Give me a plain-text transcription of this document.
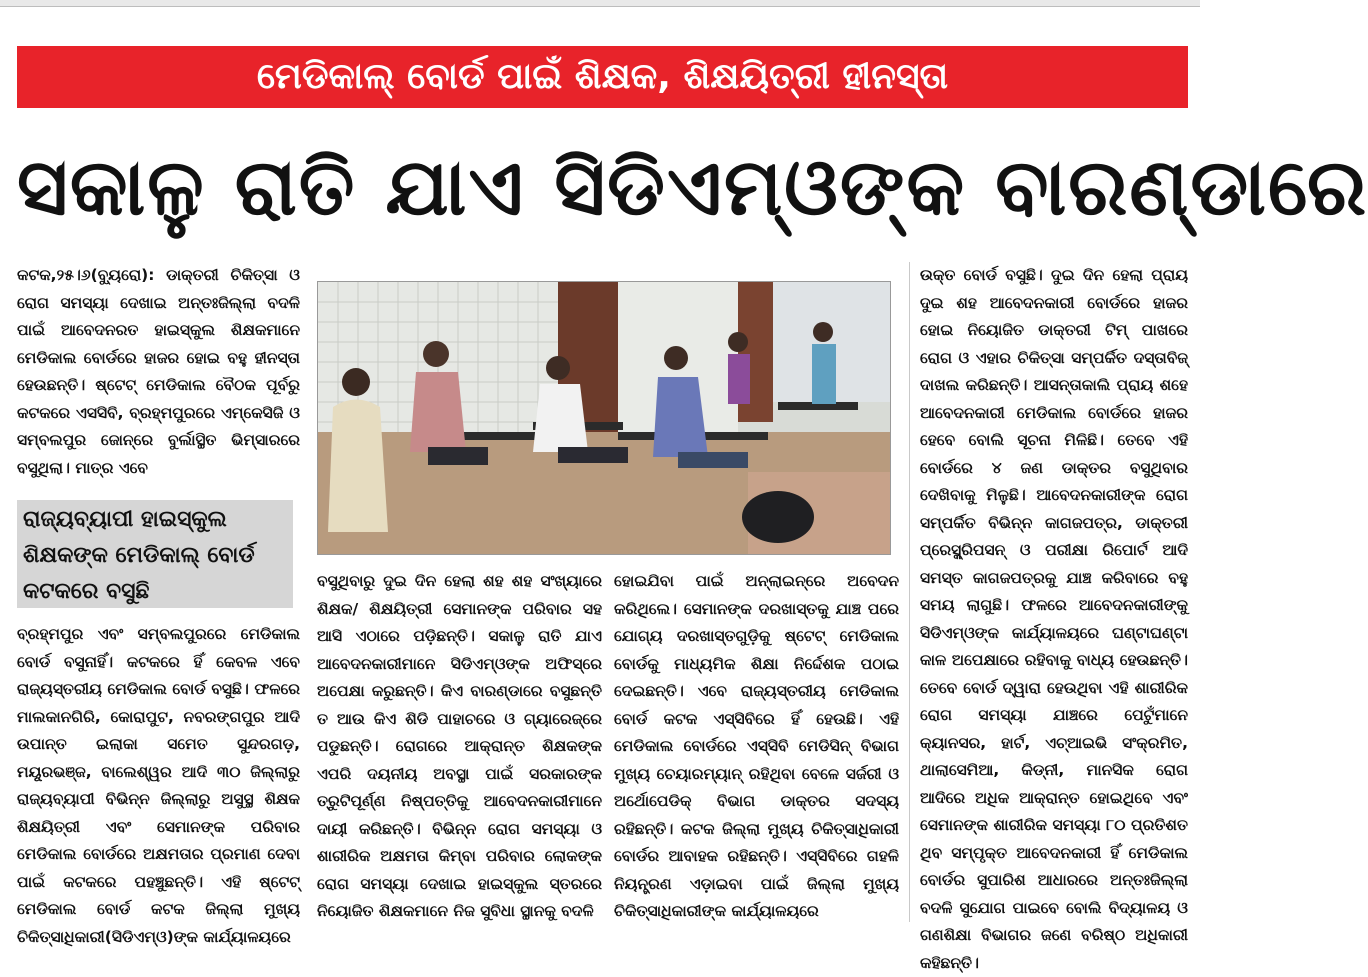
ମେଡିକାଲ୍ ବୋର୍ଡ ପାଇଁ ଶିକ୍ଷକ, ଶିକ୍ଷୟିତ୍ରୀ ହୀନସ୍ତା
ସକାଳୁ ରାତି ଯାଏ ସିଡିଏମ୍‌ଓଙ୍କ ବାରଣ୍ଡାରେ

କଟକ,୨୫।୬(ବ୍ୟୁରୋ): ଡାକ୍ତରୀ ଚିକିତ୍ସା ଓ ରୋଗ ସମସ୍ୟା ଦେଖାଇ ଅନ୍ତଃଜିଲ୍ଲା ବଦଳି ପାଇଁ ଆବେଦନରତ ହାଇସ୍କୁଲ ଶିକ୍ଷକମାନେ ମେଡିକାଲ ବୋର୍ଡରେ ହାଜର ହୋଇ ବହୁ ହୀନସ୍ତା ହେଉଛନ୍ତି। ଷ୍ଟେଟ୍ ମେଡିକାଲ ବୈଠକ ପୂର୍ବରୁ କଟକରେ ଏସସିବି, ବ୍ରହ୍ମପୁରରେ ଏମ୍‌କେସିଜି ଓ ସମ୍ବଲପୁର ଜୋନ୍‌ରେ ବୁର୍ଲାସ୍ଥିତ ଭିମ୍‌ସାରରେ ବସୁଥିଲା। ମାତ୍ର ଏବେ

ରାଜ୍ୟବ୍ୟାପୀ ହାଇସ୍କୁଲ ଶିକ୍ଷକଙ୍କ ମେଡିକାଲ୍ ବୋର୍ଡ କଟକରେ ବସୁଛି

ବ୍ରହ୍ମପୁର ଏବଂ ସମ୍ବଲପୁରରେ ମେଡିକାଲ ବୋର୍ଡ ବସୁନାହିଁ। କଟକରେ ହିଁ କେବଳ ଏବେ ରାଜ୍ୟସ୍ତରୀୟ ମେଡିକାଲ ବୋର୍ଡ ବସୁଛି। ଫଳରେ ମାଲକାନଗିରି, କୋରାପୁଟ, ନବରଙ୍ଗପୁର ଆଦି ଉପାନ୍ତ ଇଲାକା ସମେତ ସୁନ୍ଦରଗଡ଼, ମୟୂରଭଞ୍ଜ, ବାଲେଶ୍ୱର ଆଦି ୩୦ ଜିଲ୍ଲାରୁ ରାଜ୍ୟବ୍ୟାପୀ ବିଭିନ୍ନ ଜିଲ୍ଲାରୁ ଅସୁସ୍ଥ ଶିକ୍ଷକ ଶିକ୍ଷୟିତ୍ରୀ ଏବଂ ସେମାନଙ୍କ ପରିବାର ମେଡିକାଲ ବୋର୍ଡରେ ଅକ୍ଷମତାର ପ୍ରମାଣ ଦେବା ପାଇଁ କଟକରେ ପହଞ୍ଚୁଛନ୍ତି। ଏହି ଷ୍ଟେଟ୍ ମେଡିକାଲ ବୋର୍ଡ କଟକ ଜିଲ୍ଲା ମୁଖ୍ୟ ଚିକିତ୍ସାଧିକାରୀ(ସିଡିଏମ୍‌ଓ)ଙ୍କ କାର୍ଯ୍ୟାଳୟରେ

ବସୁଥିବାରୁ ଦୁଇ ଦିନ ହେଲା ଶହ ଶହ ସଂଖ୍ୟାରେ ଶିକ୍ଷକ/ ଶିକ୍ଷୟିତ୍ରୀ ସେମାନଙ୍କ ପରିବାର ସହ ଆସି ଏଠାରେ ପଡ଼ିଛନ୍ତି। ସକାଳୁ ରାତି ଯାଏ ଆବେଦନକାରୀମାନେ ସିଡିଏମ୍‌ଓଙ୍କ ଅଫିସ୍‌ରେ ଅପେକ୍ଷା କରୁଛନ୍ତି। କିଏ ବାରଣ୍ଡାରେ ବସୁଛନ୍ତି ତ ଆଉ କିଏ ଶିଡି ପାହାଚରେ ଓ ଗ୍ୟାରେଜ୍‌ରେ ପଡୁଛନ୍ତି। ରୋଗରେ ଆକ୍ରାନ୍ତ ଶିକ୍ଷକଙ୍କ ଏପରି ଦୟନୀୟ ଅବସ୍ଥା ପାଇଁ ସରକାରଙ୍କ ତ୍ରୁଟିପୂର୍ଣ୍ଣ ନିଷ୍ପତ୍ତିକୁ ଆବେଦନକାରୀମାନେ ଦାୟୀ କରିଛନ୍ତି। ବିଭିନ୍ନ ରୋଗ ସମସ୍ୟା ଓ ଶାରୀରିକ ଅକ୍ଷମତା କିମ୍ବା ପରିବାର ଲୋକଙ୍କ ରୋଗ ସମସ୍ୟା ଦେଖାଇ ହାଇସ୍କୁଲ ସ୍ତରରେ ନିୟୋଜିତ ଶିକ୍ଷକମାନେ ନିଜ ସୁବିଧା ସ୍ଥାନକୁ ବଦଳି

ହୋଇଯିବା ପାଇଁ ଅନ୍‌ଲାଇନ୍‌ରେ ଅବେଦନ କରିଥିଲେ। ସେମାନଙ୍କ ଦରଖାସ୍ତକୁ ଯାଞ୍ଚ ପରେ ଯୋଗ୍ୟ ଦରଖାସ୍ତଗୁଡ଼ିକୁ ଷ୍ଟେଟ୍ ମେଡିକାଲ ବୋର୍ଡକୁ ମାଧ୍ୟମିକ ଶିକ୍ଷା ନିର୍ଦ୍ଦେଶକ ପଠାଇ ଦେଇଛନ୍ତି। ଏବେ ରାଜ୍ୟସ୍ତରୀୟ ମେଡିକାଲ ବୋର୍ଡ କଟକ ଏସ୍‌ସିବିରେ ହିଁ ହେଉଛି। ଏହି ମେଡିକାଲ ବୋର୍ଡରେ ଏସ୍‌ସିବି ମେଡିସିନ୍ ବିଭାଗ ମୁଖ୍ୟ ଚେୟାରମ୍ୟାନ୍ ରହିଥିବା ବେଳେ ସର୍ଜରୀ ଓ ଅର୍ଥୋପେଡିକ୍ ବିଭାଗ ଡାକ୍ତର ସଦସ୍ୟ ରହିଛନ୍ତି। କଟକ ଜିଲ୍ଲା ମୁଖ୍ୟ ଚିକିତ୍ସାଧିକାରୀ ବୋର୍ଡର ଆବାହକ ରହିଛନ୍ତି। ଏସ୍‌ସିବିରେ ଗହଳି ନିୟନ୍ତ୍ରଣ ଏଡ଼ାଇବା ପାଇଁ ଜିଲ୍ଲା ମୁଖ୍ୟ ଚିକିତ୍ସାଧିକାରୀଙ୍କ କାର୍ଯ୍ୟାଳୟରେ

ଉକ୍ତ ବୋର୍ଡ ବସୁଛି। ଦୁଇ ଦିନ ହେଲା ପ୍ରାୟ ଦୁଇ ଶହ ଆବେଦନକାରୀ ବୋର୍ଡରେ ହାଜର ହୋଇ ନିୟୋଜିତ ଡାକ୍ତରୀ ଟିମ୍ ପାଖରେ ରୋଗ ଓ ଏହାର ଚିକିତ୍ସା ସମ୍ପର୍କିତ ଦସ୍ତାବିଜ୍ ଦାଖଲ କରିଛନ୍ତି। ଆସନ୍ତାକାଲି ପ୍ରାୟ ଶହେ ଆବେଦନକାରୀ ମେଡିକାଲ ବୋର୍ଡରେ ହାଜର ହେବେ ବୋଲି ସୂଚନା ମିଳିଛି। ତେବେ ଏହି ବୋର୍ଡରେ ୪ ଜଣ ଡାକ୍ତର ବସୁଥିବାର ଦେଖିବାକୁ ମିଳୁଛି। ଆବେଦନକାରୀଙ୍କ ରୋଗ ସମ୍ପର୍କିତ ବିଭିନ୍ନ କାଗଜପତ୍ର, ଡାକ୍ତରୀ ପ୍ରେସ୍କ୍ରିପସନ୍ ଓ ପରୀକ୍ଷା ରିପୋର୍ଟ ଆଦି ସମସ୍ତ କାଗଜପତ୍ରକୁ ଯାଞ୍ଚ କରିବାରେ ବହୁ ସମୟ ଲାଗୁଛି। ଫଳରେ ଆବେଦନକାରୀଙ୍କୁ ସିଡିଏମ୍‌ଓଙ୍କ କାର୍ଯ୍ୟାଳୟରେ ଘଣ୍ଟାଘଣ୍ଟା କାଳ ଅପେକ୍ଷାରେ ରହିବାକୁ ବାଧ୍ୟ ହେଉଛନ୍ତି। ତେବେ ବୋର୍ଡ ଦ୍ୱାରା ହେଉଥିବା ଏହି ଶାରୀରିକ ରୋଗ ସମସ୍ୟା ଯାଞ୍ଚରେ ପେଟୁଁମାନେ କ୍ୟାନସର, ହାର୍ଟ, ଏଚ୍‌ଆଇଭି ସଂକ୍ରମିତ, ଥାଲାସେମିଆ, କିଡ୍‌ନୀ, ମାନସିକ ରୋଗ ଆଦିରେ ଅଧିକ ଆକ୍ରାନ୍ତ ହୋଇଥିବେ ଏବଂ ସେମାନଙ୍କ ଶାରୀରିକ ସମସ୍ୟା ୮୦ ପ୍ରତିଶତ ଥିବ ସମ୍ପୃକ୍ତ ଆବେଦନକାରୀ ହିଁ ମେଡିକାଲ ବୋର୍ଡର ସୁପାରିଶ ଆଧାରରେ ଅନ୍ତଃଜିଲ୍ଲା ବଦଳି ସୁଯୋଗ ପାଇବେ ବୋଲି ବିଦ୍ୟାଳୟ ଓ ଗଣଶିକ୍ଷା ବିଭାଗର ଜଣେ ବରିଷ୍ଠ ଅଧିକାରୀ କହିଛନ୍ତି।
